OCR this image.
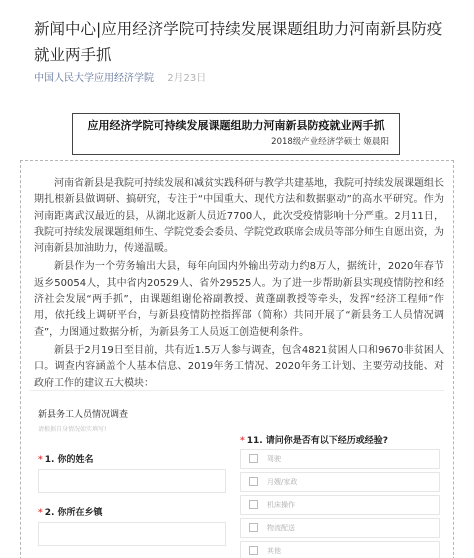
新闻中心|应用经济学院可持续发展课题组助力河南新县防疫就业两手抓
中国人民大学应用经济学院 2月23日
应用经济学院可持续发展课题组助力河南新县防疫就业两手抓
2018级产业经济学硕士 姬晨阳

河南省新县是我院可持续发展和减贫实践科研与教学共建基地，我院可持续发展课题组长期扎根新县做调研、搞研究，专注于“中国重大、现代方法和数据驱动”的高水平研究。作为河南距离武汉最近的县，从湖北返新人员近7700人，此次受疫情影响十分严重。2月11日，我院可持续发展课题组师生、学院党委会委员、学院党政联席会成员等部分师生自愿出资，为河南新县加油助力，传递温暖。

新县作为一个劳务输出大县，每年向国内外输出劳动力约8万人，据统计，2020年春节返乡50054人，其中省内20529人、省外29525人。为了进一步帮助新县实现疫情防控和经济社会发展“两手抓”，由课题组谢伦裕副教授、黄蓬副教授等牵头，发挥“经济工程师”作用，依托线上调研平台，与新县疫情防控指挥部（简称）共同开展了“新县务工人员情况调查”，力图通过数据分析，为新县务工人员返工创造便利条件。

新县于2月19日至目前，共有近1.5万人参与调查，包含4821贫困人口和9670非贫困人口。调查内容涵盖个人基本信息、2019年务工情况、2020年务工计划、主要劳动技能、对政府工作的建议五大模块：

新县务工人员情况调查
请根据自身情况如实填写!
* 1. 你的姓名
* 2. 你所在乡镇
* 11. 请问你是否有以下经历或经验?
驾驶
月嫂/家政
机床操作
物流配送
其他
